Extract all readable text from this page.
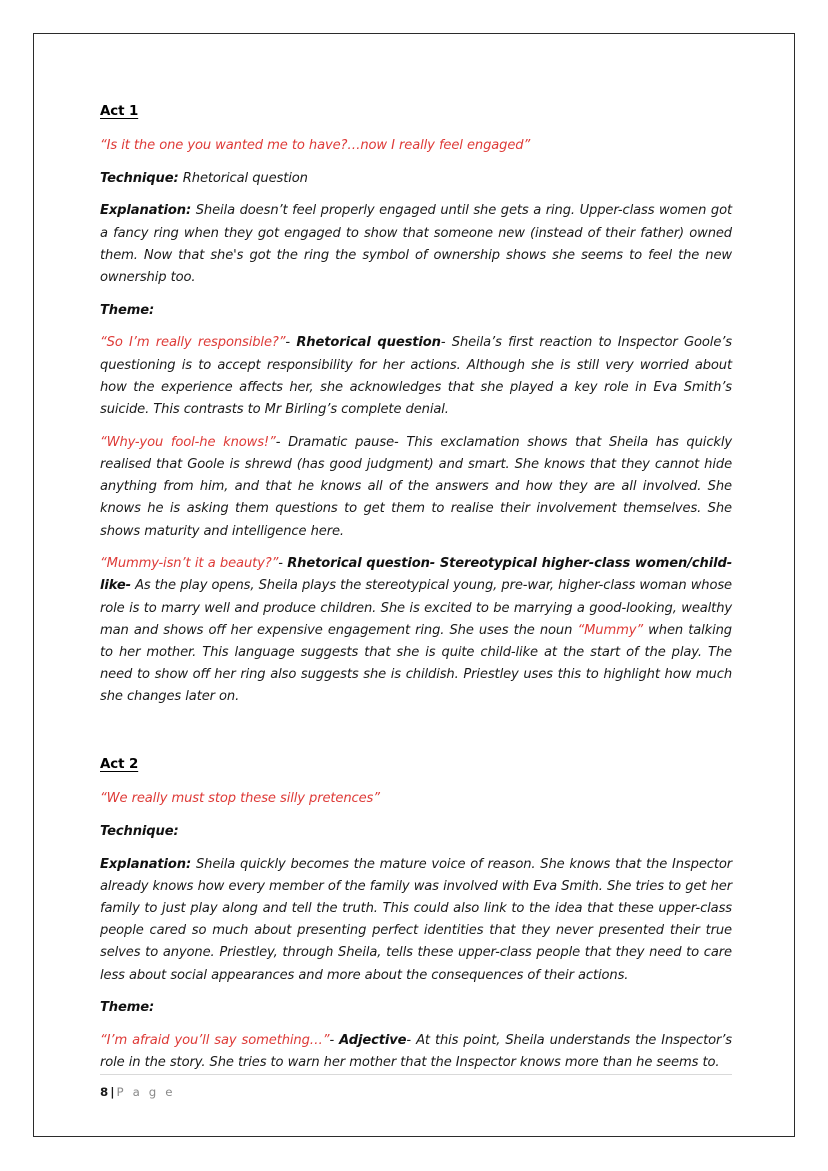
Act 1

“Is it the one you wanted me to have?…now I really feel engaged”

Technique: Rhetorical question

Explanation: Sheila doesn’t feel properly engaged until she gets a ring. Upper-class women got a fancy ring when they got engaged to show that someone new (instead of their father) owned them. Now that she's got the ring the symbol of ownership shows she seems to feel the new ownership too.

Theme:

“So I’m really responsible?”- Rhetorical question- Sheila’s first reaction to Inspector Goole’s questioning is to accept responsibility for her actions. Although she is still very worried about how the experience affects her, she acknowledges that she played a key role in Eva Smith’s suicide. This contrasts to Mr Birling’s complete denial.

“Why-you fool-he knows!”- Dramatic pause- This exclamation shows that Sheila has quickly realised that Goole is shrewd (has good judgment) and smart. She knows that they cannot hide anything from him, and that he knows all of the answers and how they are all involved. She knows he is asking them questions to get them to realise their involvement themselves. She shows maturity and intelligence here.

“Mummy-isn’t it a beauty?”- Rhetorical question- Stereotypical higher-class women/child-like- As the play opens, Sheila plays the stereotypical young, pre-war, higher-class woman whose role is to marry well and produce children. She is excited to be marrying a good-looking, wealthy man and shows off her expensive engagement ring. She uses the noun “Mummy” when talking to her mother. This language suggests that she is quite child-like at the start of the play. The need to show off her ring also suggests she is childish. Priestley uses this to highlight how much she changes later on.

Act 2

“We really must stop these silly pretences”

Technique:

Explanation: Sheila quickly becomes the mature voice of reason. She knows that the Inspector already knows how every member of the family was involved with Eva Smith. She tries to get her family to just play along and tell the truth. This could also link to the idea that these upper-class people cared so much about presenting perfect identities that they never presented their true selves to anyone. Priestley, through Sheila, tells these upper-class people that they need to care less about social appearances and more about the consequences of their actions.

Theme:

“I’m afraid you’ll say something…”- Adjective- At this point, Sheila understands the Inspector’s role in the story. She tries to warn her mother that the Inspector knows more than he seems to.

8 | P a g e
